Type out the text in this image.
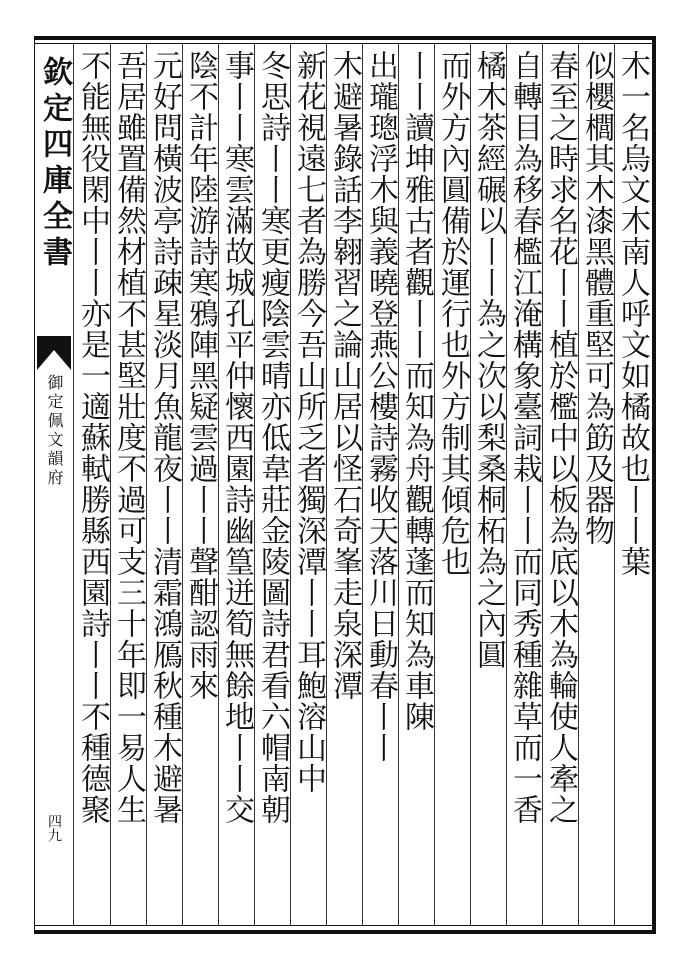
欽定四庫全書
御定佩文韻府
四九
木一名烏文木南人呼文如橘故也丨丨葉
似櫻櫚其木漆黑體重堅可為筯及器物
春至之時求名花丨丨植於檻中以板為底以木為輪使人牽之
自轉目為移春檻江淹構象臺詞栽丨丨而同秀種雜草而一香
橘木茶經碾以丨丨為之次以梨桑桐柘為之內圓
而外方內圓備於運行也外方制其傾危也
丨丨讀坤雅古者觀丨丨而知為舟觀轉蓬而知為車陳
出瓏璁浮木與義曉登燕公樓詩霧收天落川日動春丨丨
木避暑錄話李翱習之論山居以怪石奇峯走泉深潭
新花視遠七者為勝今吾山所乏者獨深潭丨丨耳鮑溶山中
冬思詩丨丨寒更瘦陰雲晴亦低韋莊金陵圖詩君看六帽南朝
事丨丨寒雲滿故城孔平仲懷西園詩幽篁迸筍無餘地丨丨交
陰不計年陸游詩寒鴉陣黑疑雲過丨丨聲酣認雨來
元好問橫波亭詩疎星淡月魚龍夜丨丨清霜鴻鴈秋種木避暑
吾居雖置備然材植不甚堅壯度不過可支三十年即一易人生
不能無役閑中丨丨亦是一適蘇軾勝縣西園詩丨丨不種德聚
